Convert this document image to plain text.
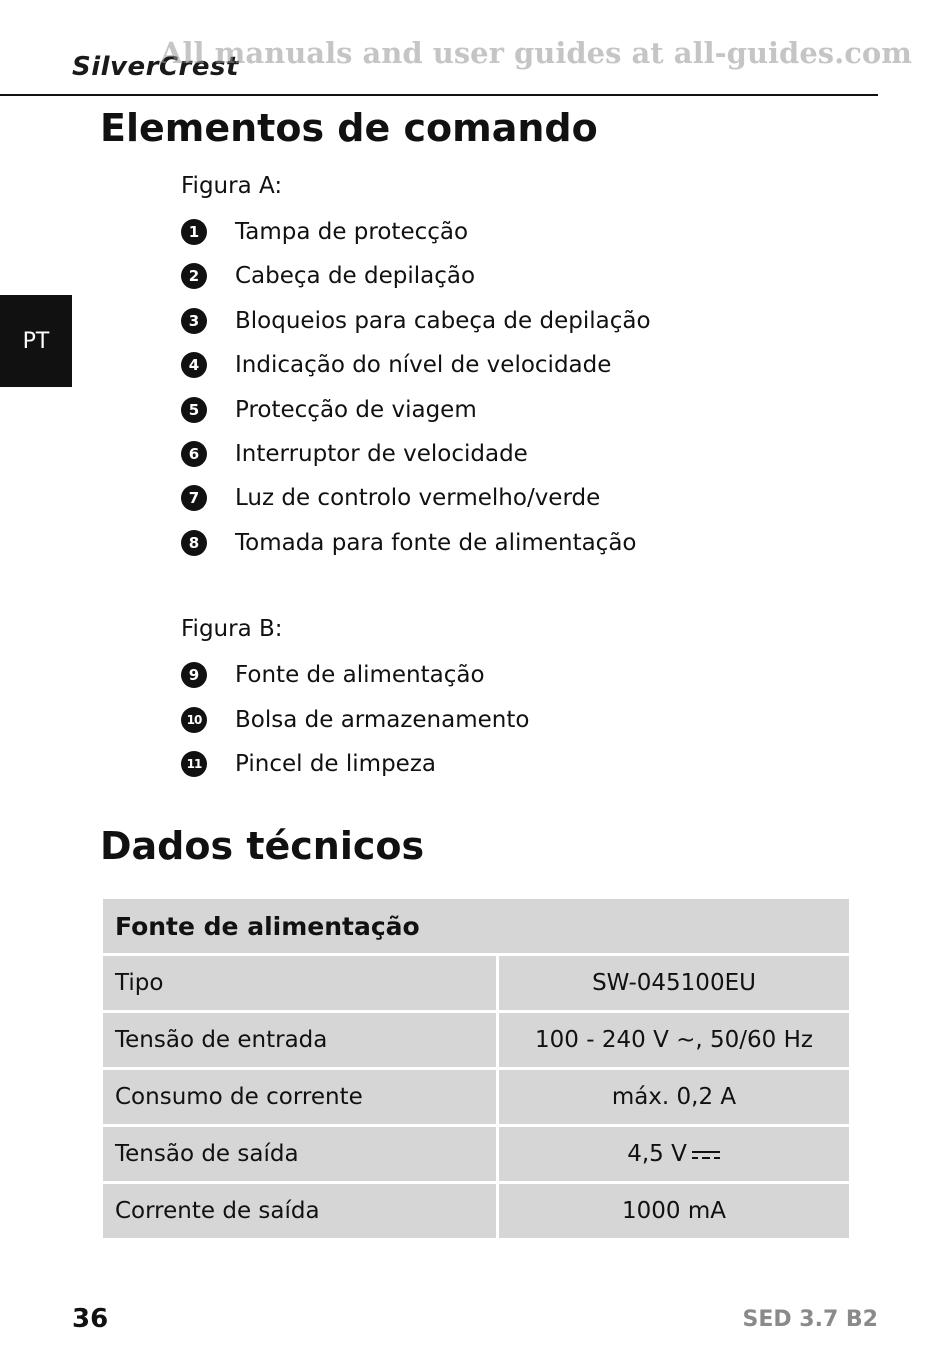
SilverCrest
All manuals and user guides at all-guides.com
PT
Elementos de comando
Figura A:
1	Tampa de protecção
2	Cabeça de depilação
3	Bloqueios para cabeça de depilação
4	Indicação do nível de velocidade
5	Protecção de viagem
6	Interruptor de velocidade
7	Luz de controlo vermelho/verde
8	Tomada para fonte de alimentação
Figura B:
9	Fonte de alimentação
10 Bolsa de armazenamento
11 Pincel de limpeza
Dados técnicos
Fonte de alimentação	
Tipo	SW-045100EU
Tensão de entrada	100 - 240 V ~, 50/60 Hz
Consumo de corrente	máx. 0,2 A
Tensão de saída	4,5 V
Corrente de saída	1000 mA
36	SED 3.7 B2
